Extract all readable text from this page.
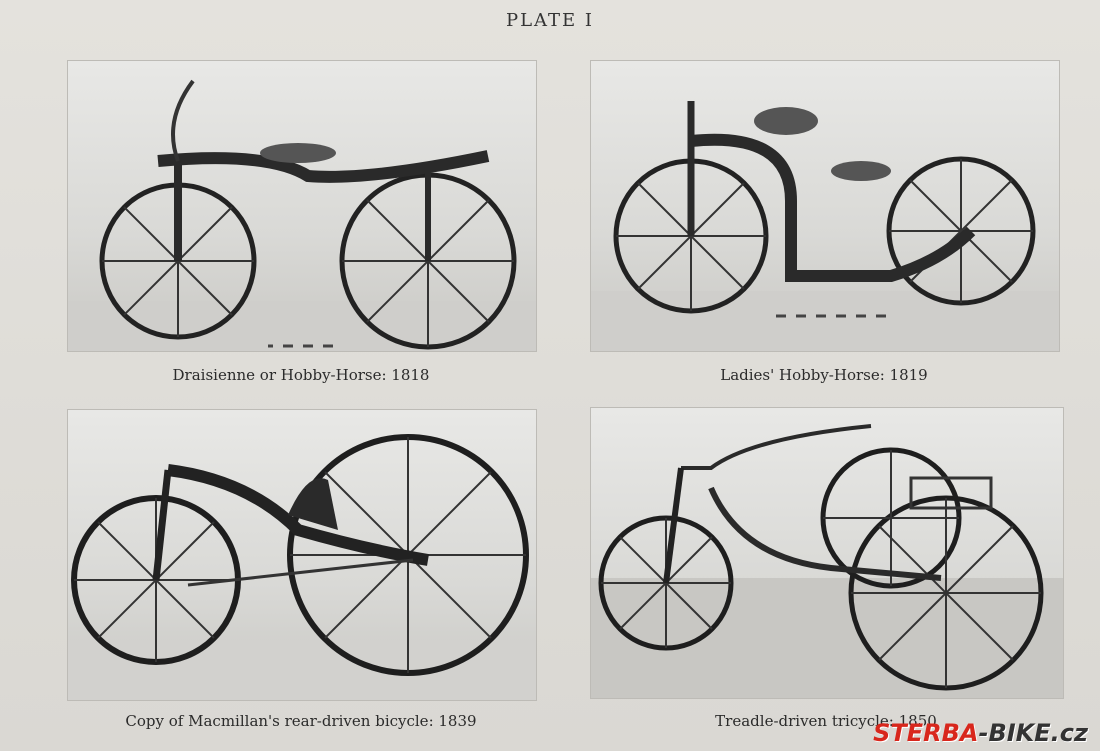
PLATE I
Draisienne or Hobby-Horse: 1818	Ladies' Hobby-Horse: 1819
Copy of Macmillan's rear-driven bicycle: 1839	Treadle-driven tricycle: 1850
STERBA-BIKE.cz
